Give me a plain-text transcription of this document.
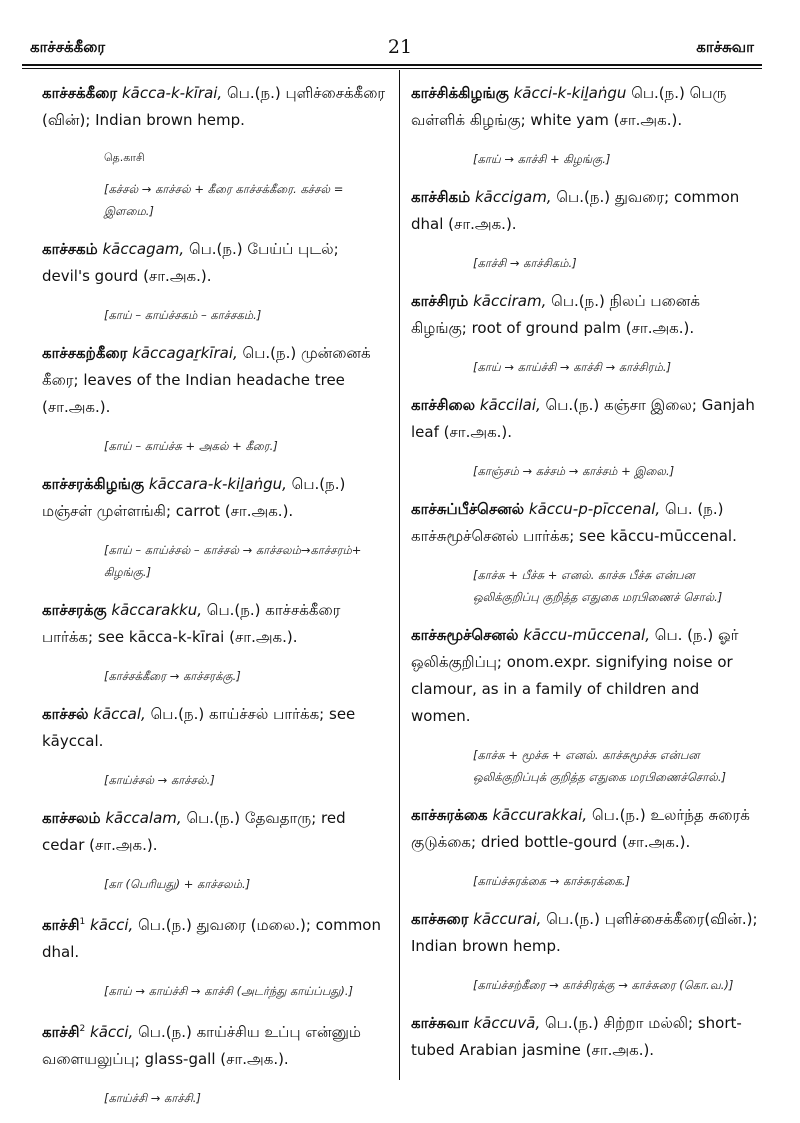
காச்சக்கீரை	21	காச்சுவா
காச்சக்கீரை kācca-k-kīrai, பெ.(ந.) புளிச்சைக்கீரை (வின்); Indian brown hemp.
தெ.காசி
[கச்சல் → காச்சல் + கீரை காச்சக்கீரை. கச்சல் = இளமை.]
காச்சகம் kāccagam, பெ.(ந.) பேய்ப் புடல்; devil's gourd (சா.அக.).
[காய் – காய்ச்சகம் – காச்சகம்.]
காச்சகற்கீரை kāccagaṟkīrai, பெ.(ந.) முன்னைக் கீரை; leaves of the Indian headache tree (சா.அக.).
[காய் – காய்ச்சு + அகல் + கீரை.]
காச்சரக்கிழங்கு kāccara-k-kiḻaṅgu, பெ.(ந.) மஞ்சள் முள்ளங்கி; carrot (சா.அக.).
[காய் – காய்ச்சல் – காச்சல் → காச்சலம்→காச்சரம்+ கிழங்கு.]
காச்சரக்கு kāccarakku, பெ.(ந.) காச்சக்கீரை பார்க்க; see kācca-k-kīrai (சா.அக.).
[காச்சக்கீரை → காச்சரக்கு.]
காச்சல் kāccal, பெ.(ந.) காய்ச்சல் பார்க்க; see kāyccal.
[காய்ச்சல் → காச்சல்.]
காச்சலம் kāccalam, பெ.(ந.) தேவதாரு; red cedar (சா.அக.).
[கா (பெரியது) + காச்சலம்.]
காச்சி$^1$ kācci, பெ.(ந.) துவரை (மலை.); common dhal.
[காய் → காய்ச்சி → காச்சி (அடர்ந்து காய்ப்பது).]
காச்சி$^2$ kācci, பெ.(ந.) காய்ச்சிய உப்பு என்னும் வளையலுப்பு; glass-gall (சா.அக.).
[காய்ச்சி → காச்சி.]
காச்சிக்கிழங்கு kācci-k-kiḻaṅgu பெ.(ந.) பெரு வள்ளிக் கிழங்கு; white yam (சா.அக.).
[காய் → காச்சி + கிழங்கு.]
காச்சிகம் kāccigam, பெ.(ந.) துவரை; common dhal (சா.அக.).
[காச்சி → காச்சிகம்.]
காச்சிரம் kācciram, பெ.(ந.) நிலப் பனைக் கிழங்கு; root of ground palm (சா.அக.).
[காய் → காய்ச்சி → காச்சி → காச்சிரம்.]
காச்சிலை kāccilai, பெ.(ந.) கஞ்சா இலை; Ganjah leaf (சா.அக.).
[காஞ்சம் → கச்சம் → காச்சம் + இலை.]
காச்சுப்பீச்செனல் kāccu-p-pīccenal, பெ. (ந.) காச்சுமூச்செனல் பார்க்க; see kāccu-mūccenal.
[காச்சு + பீச்சு + எனல். காச்சு பீச்சு என்பன ஒலிக்குறிப்பு குறித்த எதுகை மரபிணைச் சொல்.]
காச்சுமூச்செனல் kāccu-mūccenal, பெ. (ந.) ஓர் ஒலிக்குறிப்பு; onom.expr. signifying noise or clamour, as in a family of children and women.
[காச்சு + மூச்சு + எனல். காச்சுமூச்சு என்பன ஒலிக்குறிப்புக் குறித்த எதுகை மரபிணைச்சொல்.]
காச்சுரக்கை kāccurakkai, பெ.(ந.) உலர்ந்த சுரைக் குடுக்கை; dried bottle-gourd (சா.அக.).
[காய்ச்சுரக்கை → காச்சுரக்கை.]
காச்சுரை kāccurai, பெ.(ந.) புளிச்சைக்கீரை(வின்.); Indian brown hemp.
[காய்ச்சற்கீரை → காச்சிரக்கு → காச்சுரை (கொ.வ.)]
காச்சுவா kāccuvā, பெ.(ந.) சிற்றா மல்லி; short-tubed Arabian jasmine (சா.அக.).
